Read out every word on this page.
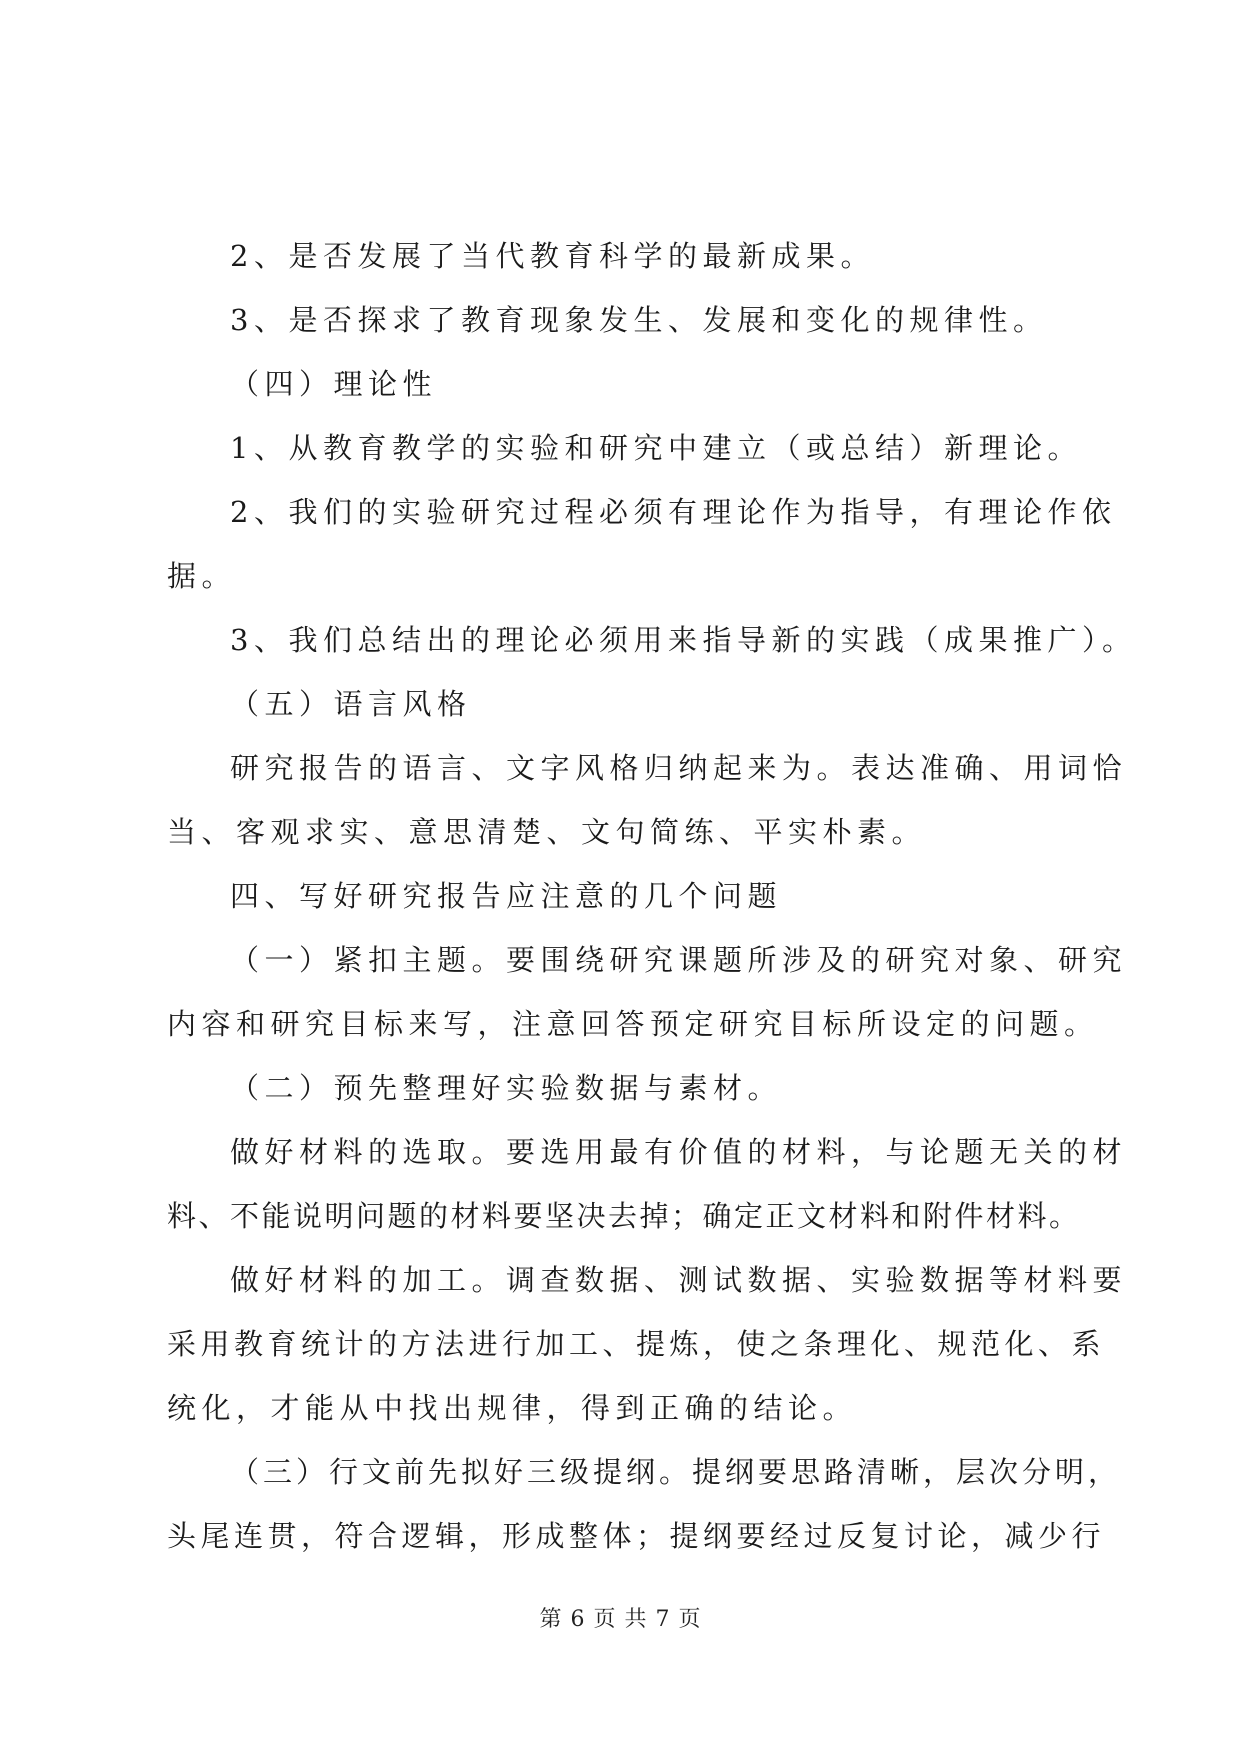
2、是否发展了当代教育科学的最新成果。
3、是否探求了教育现象发生、发展和变化的规律性。
（四）理论性
1、从教育教学的实验和研究中建立（或总结）新理论。
2、我们的实验研究过程必须有理论作为指导，有理论作依
据。
3、我们总结出的理论必须用来指导新的实践（成果推广）。
（五）语言风格
研究报告的语言、文字风格归纳起来为。表达准确、用词恰
当、客观求实、意思清楚、文句简练、平实朴素。
四、写好研究报告应注意的几个问题
（一）紧扣主题。要围绕研究课题所涉及的研究对象、研究
内容和研究目标来写，注意回答预定研究目标所设定的问题。
（二）预先整理好实验数据与素材。
做好材料的选取。要选用最有价值的材料，与论题无关的材
料、不能说明问题的材料要坚决去掉；确定正文材料和附件材料。
做好材料的加工。调查数据、测试数据、实验数据等材料要
采用教育统计的方法进行加工、提炼，使之条理化、规范化、系
统化，才能从中找出规律，得到正确的结论。
（三）行文前先拟好三级提纲。提纲要思路清晰，层次分明，
头尾连贯，符合逻辑，形成整体；提纲要经过反复讨论，减少行
第 6 页 共 7 页
